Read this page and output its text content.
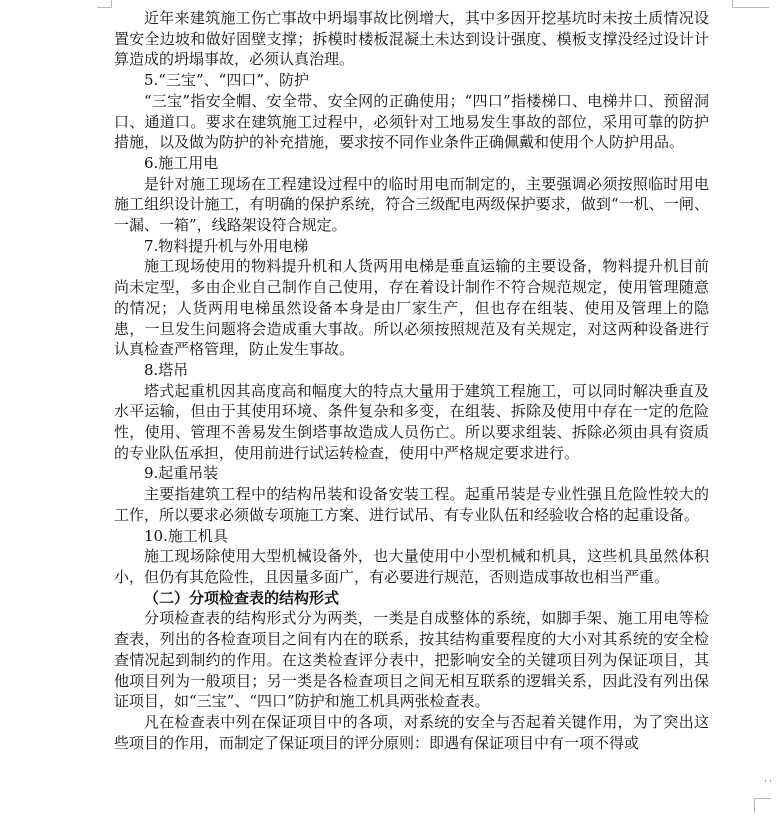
近年来建筑施工伤亡事故中坍塌事故比例增大，其中多因开挖基坑时未按土质情况设置安全边坡和做好固壁支撑；拆模时楼板混凝土未达到设计强度、模板支撑没经过设计计算造成的坍塌事故，必须认真治理。

5.“三宝”、“四口”、防护

“三宝”指安全帽、安全带、安全网的正确使用；“四口”指楼梯口、电梯井口、预留洞口、通道口。要求在建筑施工过程中，必须针对工地易发生事故的部位，采用可靠的防护措施，以及做为防护的补充措施，要求按不同作业条件正确佩戴和使用个人防护用品。

6.施工用电

是针对施工现场在工程建设过程中的临时用电而制定的，主要强调必须按照临时用电施工组织设计施工，有明确的保护系统，符合三级配电两级保护要求，做到“一机、一闸、一漏、一箱”，线路架设符合规定。

7.物料提升机与外用电梯

施工现场使用的物料提升机和人货两用电梯是垂直运输的主要设备，物料提升机目前尚未定型，多由企业自己制作自己使用，存在着设计制作不符合规范规定，使用管理随意的情况；人货两用电梯虽然设备本身是由厂家生产，但也存在组装、使用及管理上的隐患，一旦发生问题将会造成重大事故。所以必须按照规范及有关规定，对这两种设备进行认真检查严格管理，防止发生事故。

8.塔吊

塔式起重机因其高度高和幅度大的特点大量用于建筑工程施工，可以同时解决垂直及水平运输，但由于其使用环境、条件复杂和多变，在组装、拆除及使用中存在一定的危险性，使用、管理不善易发生倒塔事故造成人员伤亡。所以要求组装、拆除必须由具有资质的专业队伍承担，使用前进行试运转检查，使用中严格规定要求进行。

9.起重吊装

主要指建筑工程中的结构吊装和设备安装工程。起重吊装是专业性强且危险性较大的工作，所以要求必须做专项施工方案、进行试吊、有专业队伍和经验收合格的起重设备。

10.施工机具

施工现场除使用大型机械设备外，也大量使用中小型机械和机具，这些机具虽然体积小，但仍有其危险性，且因量多面广，有必要进行规范，否则造成事故也相当严重。

（二）分项检查表的结构形式

分项检查表的结构形式分为两类，一类是自成整体的系统，如脚手架、施工用电等检查表，列出的各检查项目之间有内在的联系，按其结构重要程度的大小对其系统的安全检查情况起到制约的作用。在这类检查评分表中，把影响安全的关键项目列为保证项目，其他项目列为一般项目；另一类是各检查项目之间无相互联系的逻辑关系，因此没有列出保证项目，如“三宝”、“四口”防护和施工机具两张检查表。

凡在检查表中列在保证项目中的各项，对系统的安全与否起着关键作用，为了突出这些项目的作用，而制定了保证项目的评分原则：即遇有保证项目中有一项不得或

˙˙
